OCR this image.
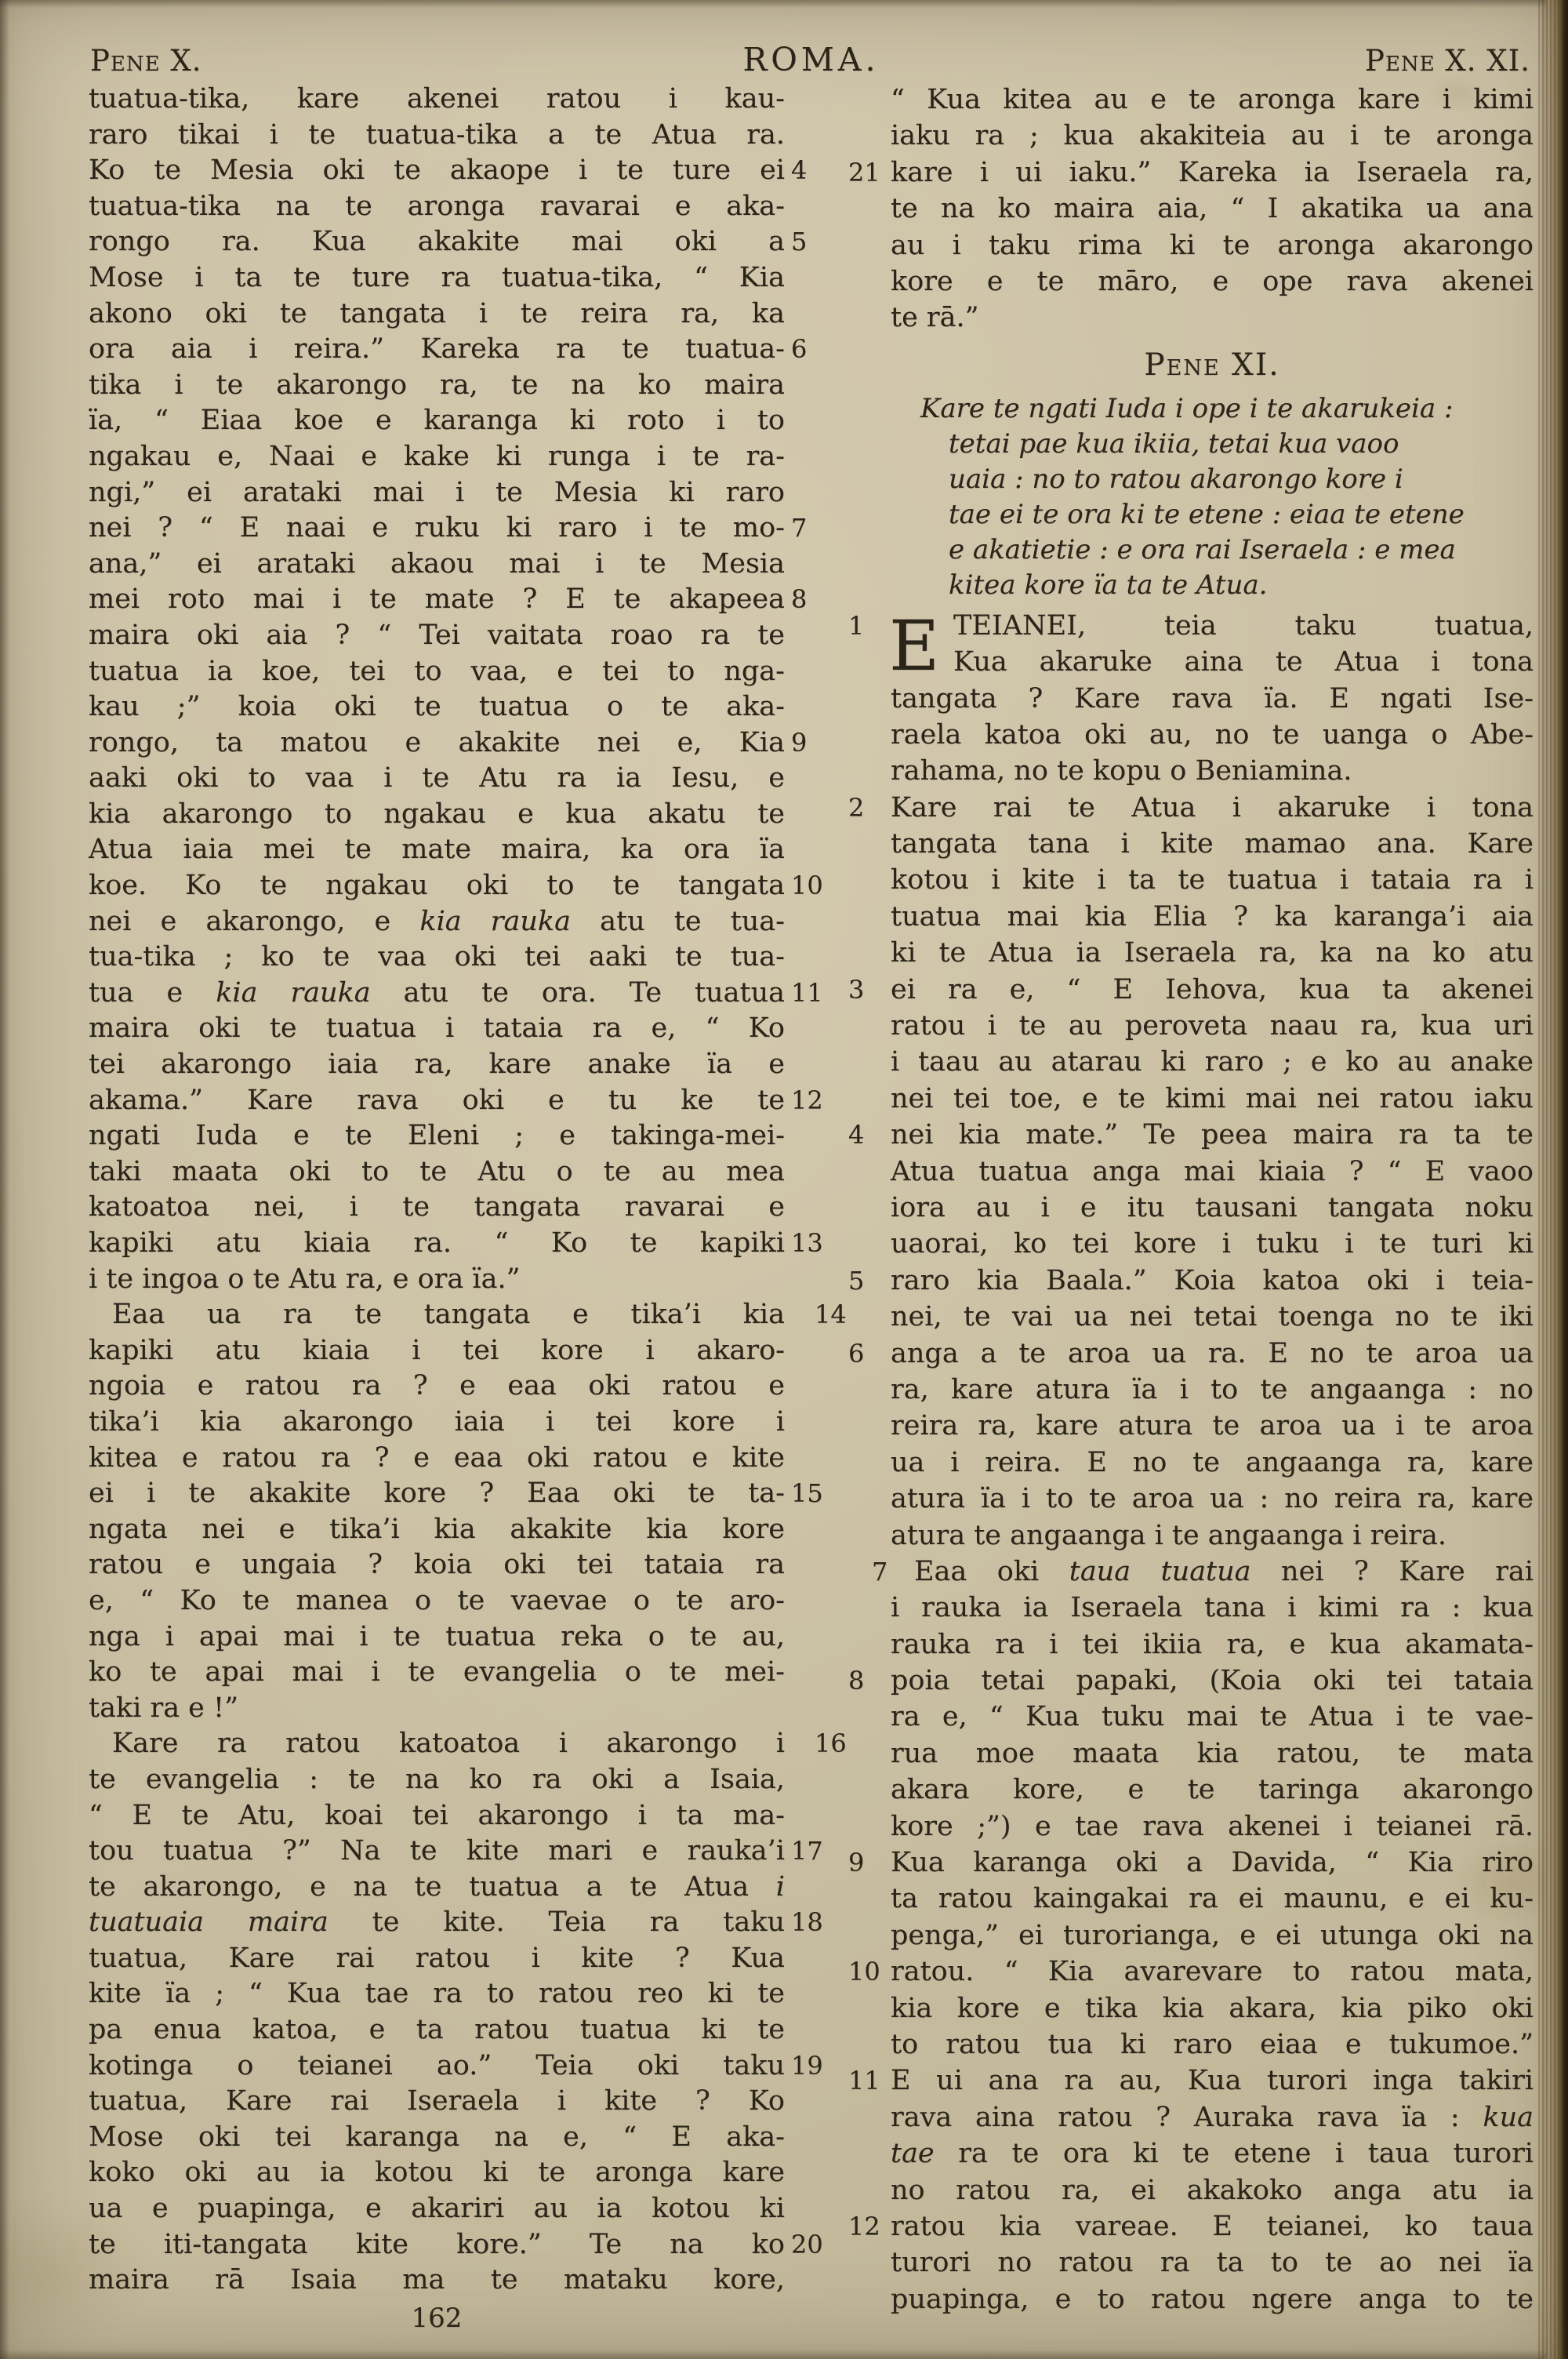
Pene X.	ROMA.	Pene X. XI.
tuatua-tika, kare akenei ratou i kau-
raro tikai i te tuatua-tika a te Atua ra.
4
Ko te Mesia oki te akaope i te ture ei
tuatua-tika na te aronga ravarai e aka-
5
rongo ra. Kua akakite mai oki a
Mose i ta te ture ra tuatua-tika, “ Kia
akono oki te tangata i te reira ra, ka
6
ora aia i reira.” Kareka ra te tuatua-
tika i te akarongo ra, te na ko maira
ïa, “ Eiaa koe e karanga ki roto i to
ngakau e, Naai e kake ki runga i te ra-
ngi,” ei arataki mai i te Mesia ki raro
7
nei ? “ E naai e ruku ki raro i te mo-
ana,” ei arataki akaou mai i te Mesia
8
mei roto mai i te mate ? E te akapeea
maira oki aia ? “ Tei vaitata roao ra te
tuatua ia koe, tei to vaa, e tei to nga-
kau ;” koia oki te tuatua o te aka-
9
rongo, ta matou e akakite nei e, Kia
aaki oki to vaa i te Atu ra ia Iesu, e
kia akarongo to ngakau e kua akatu te
Atua iaia mei te mate maira, ka ora ïa
10
koe. Ko te ngakau oki to te tangata
nei e akarongo, e kia rauka atu te tua-
tua-tika ; ko te vaa oki tei aaki te tua-
11
tua e kia rauka atu te ora. Te tuatua
maira oki te tuatua i tataia ra e, “ Ko
tei akarongo iaia ra, kare anake ïa e
12
akama.” Kare rava oki e tu ke te
ngati Iuda e te Eleni ; e takinga-mei-
taki maata oki to te Atu o te au mea
katoatoa nei, i te tangata ravarai e
13
kapiki atu kiaia ra. “ Ko te kapiki
i te ingoa o te Atu ra, e ora ïa.”
14
Eaa ua ra te tangata e tika’i kia
kapiki atu kiaia i tei kore i akaro-
ngoia e ratou ra ? e eaa oki ratou e
tika’i kia akarongo iaia i tei kore i
kitea e ratou ra ? e eaa oki ratou e kite
15
ei i te akakite kore ? Eaa oki te ta-
ngata nei e tika’i kia akakite kia kore
ratou e ungaia ? koia oki tei tataia ra
e, “ Ko te manea o te vaevae o te aro-
nga i apai mai i te tuatua reka o te au,
ko te apai mai i te evangelia o te mei-
taki ra e !”
16
Kare ra ratou katoatoa i akarongo i
te evangelia : te na ko ra oki a Isaia,
“ E te Atu, koai tei akarongo i ta ma-
17
tou tuatua ?” Na te kite mari e rauka’i
te akarongo, e na te tuatua a te Atua i
18
tuatuaia maira te kite. Teia ra taku
tuatua, Kare rai ratou i kite ? Kua
kite ïa ; “ Kua tae ra to ratou reo ki te
pa enua katoa, e ta ratou tuatua ki te
19
kotinga o teianei ao.” Teia oki taku
tuatua, Kare rai Iseraela i kite ? Ko
Mose oki tei karanga na e, “ E aka-
koko oki au ia kotou ki te aronga kare
ua e puapinga, e akariri au ia kotou ki
20
te iti-tangata kite kore.” Te na ko
maira rā Isaia ma te mataku kore,
“ Kua kitea au e te aronga kare i kimi
iaku ra ; kua akakiteia au i te aronga
21 kare i ui iaku.” Kareka ia Iseraela ra,
te na ko maira aia, “ I akatika ua ana
au i taku rima ki te aronga akarongo
kore e te māro, e ope rava akenei
te rā.”
Pene XI.
Kare te ngati Iuda i ope i te akarukeia :
tetai pae kua ikiia, tetai kua vaoo
uaia : no to ratou akarongo kore i
tae ei te ora ki te etene : eiaa te etene
e akatietie : e ora rai Iseraela : e mea
kitea kore ïa ta te Atua.
1 E TEIANEI, teia taku tuatua,
Kua akaruke aina te Atua i tona
tangata ? Kare rava ïa. E ngati Ise-
raela katoa oki au, no te uanga o Abe-
rahama, no te kopu o Beniamina.
2 Kare rai te Atua i akaruke i tona
tangata tana i kite mamao ana. Kare
kotou i kite i ta te tuatua i tataia ra i
tuatua mai kia Elia ? ka karanga’i aia
ki te Atua ia Iseraela ra, ka na ko atu
3 ei ra e, “ E Iehova, kua ta akenei
ratou i te au peroveta naau ra, kua uri
i taau au atarau ki raro ; e ko au anake
nei tei toe, e te kimi mai nei ratou iaku
4 nei kia mate.” Te peea maira ra ta te
Atua tuatua anga mai kiaia ? “ E vaoo
iora au i e itu tausani tangata noku
uaorai, ko tei kore i tuku i te turi ki
5 raro kia Baala.” Koia katoa oki i teia-
nei, te vai ua nei tetai toenga no te iki
6 anga a te aroa ua ra. E no te aroa ua
ra, kare atura ïa i to te angaanga : no
reira ra, kare atura te aroa ua i te aroa
ua i reira. E no te angaanga ra, kare
atura ïa i to te aroa ua : no reira ra, kare
atura te angaanga i te angaanga i reira.
7 Eaa oki taua tuatua nei ? Kare rai
i rauka ia Iseraela tana i kimi ra : kua
rauka ra i tei ikiia ra, e kua akamata-
8 poia tetai papaki, (Koia oki tei tataia
ra e, “ Kua tuku mai te Atua i te vae-
rua moe maata kia ratou, te mata
akara kore, e te taringa akarongo
kore ;”) e tae rava akenei i teianei rā.
9 Kua karanga oki a Davida, “ Kia riro
ta ratou kaingakai ra ei maunu, e ei ku-
penga,” ei turorianga, e ei utunga oki na
10 ratou. “ Kia avarevare to ratou mata,
kia kore e tika kia akara, kia piko oki
to ratou tua ki raro eiaa e tukumoe.”
11 E ui ana ra au, Kua turori inga takiri
rava aina ratou ? Auraka rava ïa : kua
tae ra te ora ki te etene i taua turori
no ratou ra, ei akakoko anga atu ia
12 ratou kia vareae. E teianei, ko taua
turori no ratou ra ta to te ao nei ïa
puapinga, e to ratou ngere anga to te
162
